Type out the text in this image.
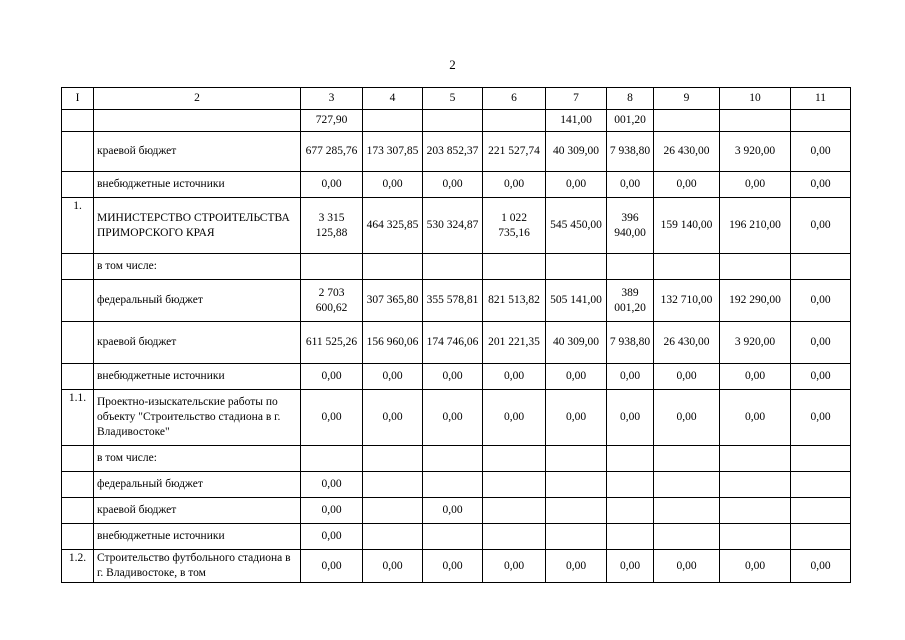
2
I	2	3	4	5	6	7	8	9	10	11
		727,90				141,00	001,20			
	краевой бюджет	677 285,76	173 307,85	203 852,37	221 527,74	40 309,00	7 938,80	26 430,00	3 920,00	0,00
	внебюджетные источники	0,00	0,00	0,00	0,00	0,00	0,00	0,00	0,00	0,00
1.	МИНИСТЕРСТВО СТРОИТЕЛЬСТВА ПРИМОРСКОГО КРАЯ	3 315 125,88	464 325,85	530 324,87	1 022 735,16	545 450,00	396 940,00	159 140,00	196 210,00	0,00
	в том числе:									
	федеральный бюджет	2 703 600,62	307 365,80	355 578,81	821 513,82	505 141,00	389 001,20	132 710,00	192 290,00	0,00
	краевой бюджет	611 525,26	156 960,06	174 746,06	201 221,35	40 309,00	7 938,80	26 430,00	3 920,00	0,00
	внебюджетные источники	0,00	0,00	0,00	0,00	0,00	0,00	0,00	0,00	0,00
1.1.	Проектно-изыскательские работы по объекту "Строительство стадиона в г. Владивостоке"	0,00	0,00	0,00	0,00	0,00	0,00	0,00	0,00	0,00
	в том числе:									
	федеральный бюджет	0,00								
	краевой бюджет	0,00		0,00						
	внебюджетные источники	0,00								
1.2.	Строительство футбольного стадиона в г. Владивостоке, в том	0,00	0,00	0,00	0,00	0,00	0,00	0,00	0,00	0,00
